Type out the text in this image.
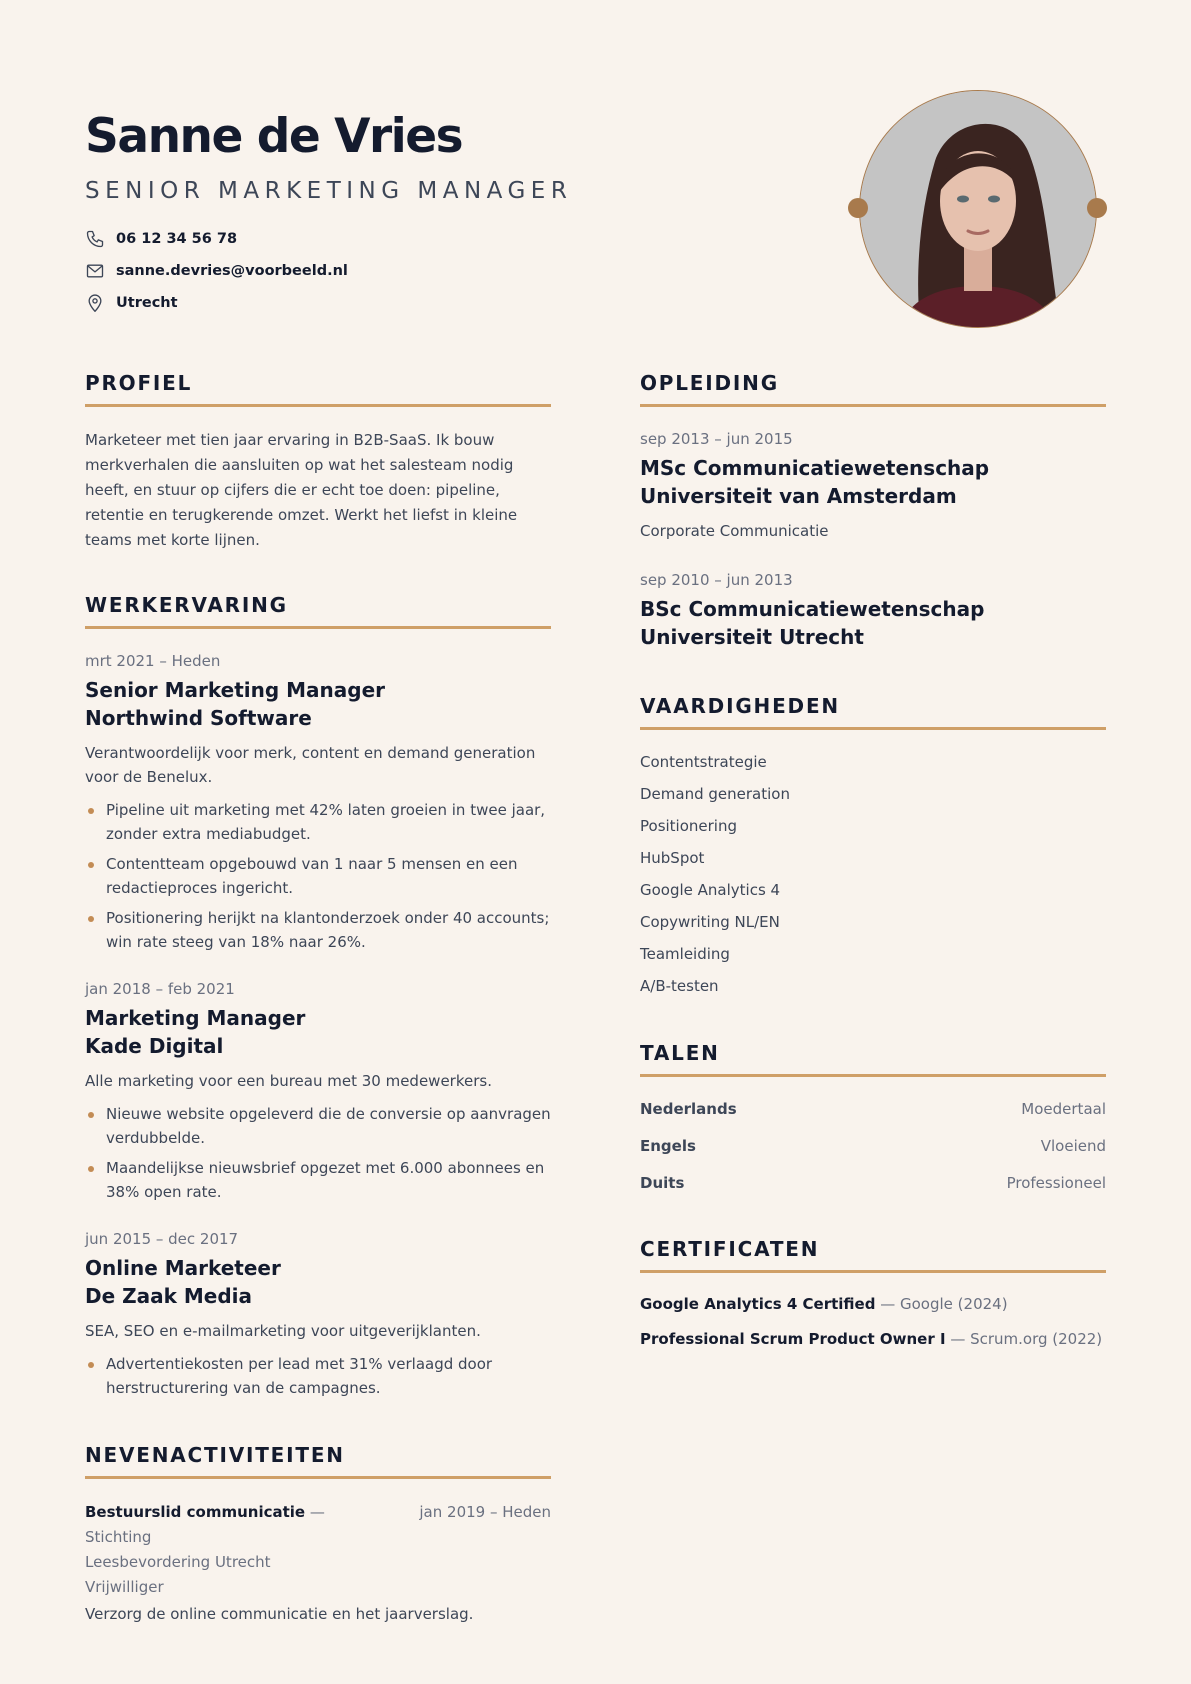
Sanne de Vries
SENIOR MARKETING MANAGER
06 12 34 56 78
sanne.devries@voorbeeld.nl
Utrecht
PROFIEL

Marketeer met tien jaar ervaring in B2B-SaaS. Ik bouw merkverhalen die aansluiten op wat het salesteam nodig heeft, en stuur op cijfers die er echt toe doen: pipeline, retentie en terugkerende omzet. Werkt het liefst in kleine teams met korte lijnen.

WERKERVARING
mrt 2021 – Heden
Senior Marketing Manager
Northwind Software
Verantwoordelijk voor merk, content en demand generation voor de Benelux.
Pipeline uit marketing met 42% laten groeien in twee jaar, zonder extra mediabudget.
Contentteam opgebouwd van 1 naar 5 mensen en een redactieproces ingericht.
Positionering herijkt na klantonderzoek onder 40 accounts; win rate steeg van 18% naar 26%.
jan 2018 – feb 2021
Marketing Manager
Kade Digital
Alle marketing voor een bureau met 30 medewerkers.
Nieuwe website opgeleverd die de conversie op aanvragen verdubbelde.
Maandelijkse nieuwsbrief opgezet met 6.000 abonnees en 38% open rate.
jun 2015 – dec 2017
Online Marketeer
De Zaak Media
SEA, SEO en e-mailmarketing voor uitgeverijklanten.
Advertentiekosten per lead met 31% verlaagd door herstructurering van de campagnes.
NEVENACTIVITEITEN
Bestuurslid communicatie — Stichting
Leesbevordering Utrecht
jan 2019 – Heden
Vrijwilliger
Verzorg de online communicatie en het jaarverslag.
OPLEIDING
sep 2013 – jun 2015
MSc Communicatiewetenschap
Universiteit van Amsterdam
Corporate Communicatie
sep 2010 – jun 2013
BSc Communicatiewetenschap
Universiteit Utrecht
VAARDIGHEDEN
Contentstrategie
Demand generation
Positionering
HubSpot
Google Analytics 4
Copywriting NL/EN
Teamleiding
A/B-testen
TALEN
Nederlands	Moedertaal
Engels	Vloeiend
Duits	Professioneel
CERTIFICATEN
Google Analytics 4 Certified — Google (2024)
Professional Scrum Product Owner I — Scrum.org (2022)
